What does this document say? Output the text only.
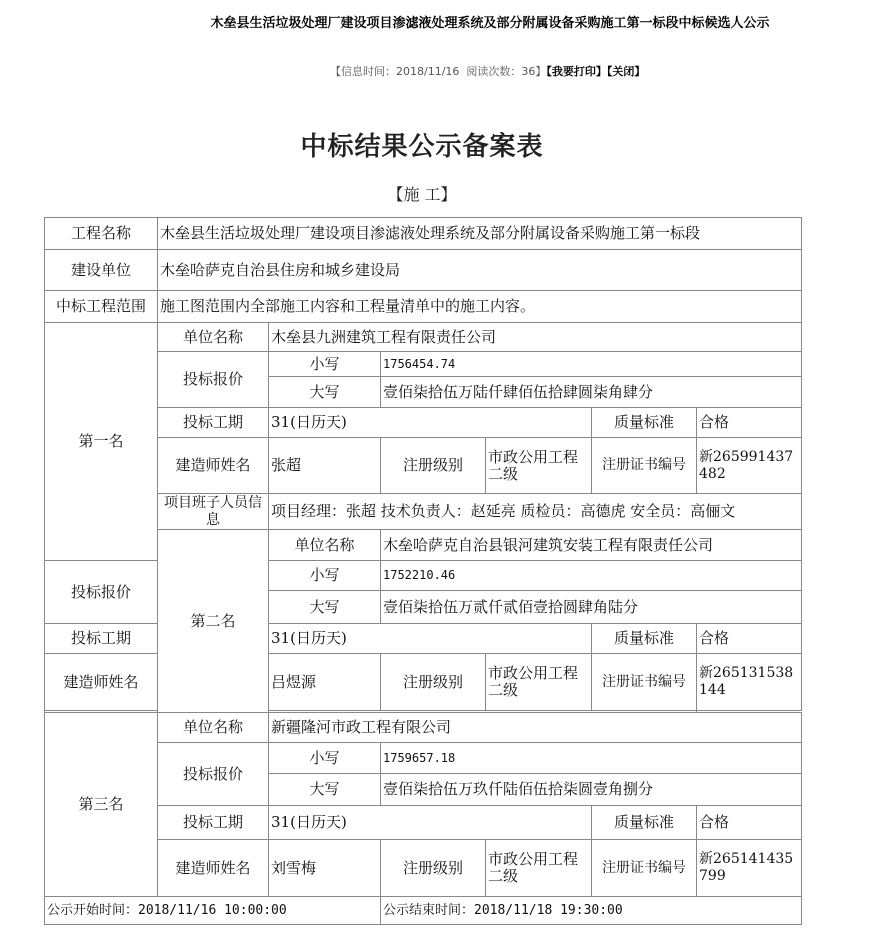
木垒县生活垃圾处理厂建设项目渗滤液处理系统及部分附属设备采购施工第一标段中标候选人公示
【信息时间：2018/11/16 阅读次数：36】【我要打印】【关闭】
中标结果公示备案表
【施 工】
工程名称	木垒县生活垃圾处理厂建设项目渗滤液处理系统及部分附属设备采购施工第一标段					
建设单位	木垒哈萨克自治县住房和城乡建设局					
中标工程范围	施工图范围内全部施工内容和工程量清单中的施工内容。					
第一名	单位名称	木垒县九洲建筑工程有限责任公司				
	投标报价	小写	1756454.74			
		大写	壹佰柒拾伍万陆仟肆佰伍拾肆圆柒角肆分			
	投标工期	31(日历天)			质量标准	合格
	建造师姓名	张超	注册级别	市政公用工程二级	注册证书编号	新265991437482
	项目班子人员信息	项目经理：张超 技术负责人：赵延亮 质检员：高德虎 安全员：高俪文				
	第二名	单位名称	木垒哈萨克自治县银河建筑安装工程有限责任公司			
投标报价		小写	1752210.46			
		大写	壹佰柒拾伍万贰仟贰佰壹拾圆肆角陆分			
投标工期		31(日历天)			质量标准	合格
建造师姓名		吕煜源	注册级别	市政公用工程二级	注册证书编号	新265131538144

第三名	单位名称	新疆隆河市政工程有限公司				
	投标报价	小写	1759657.18			
		大写	壹佰柒拾伍万玖仟陆佰伍拾柒圆壹角捌分			
	投标工期	31(日历天)			质量标准	合格
	建造师姓名	刘雪梅	注册级别	市政公用工程二级	注册证书编号	新265141435799
公示开始时间：2018/11/16 10:00:00			公示结束时间：2018/11/18 19:30:00			
